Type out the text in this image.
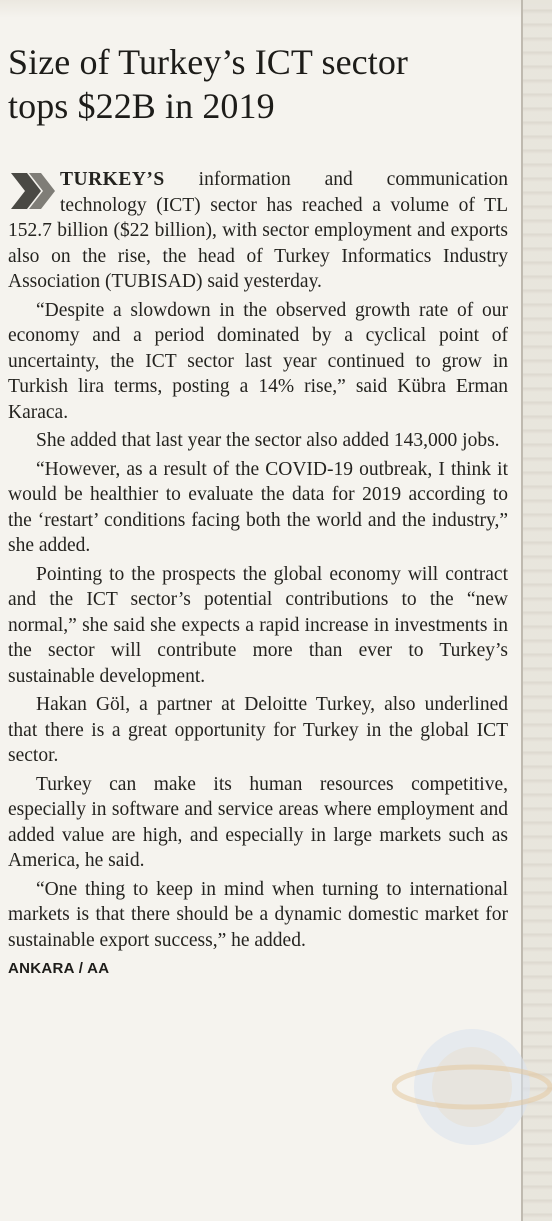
Size of Turkey’s ICT sector
tops $22B in 2019

TURKEY’S information and communication technology (ICT) sector has reached a volume of TL 152.7 billion ($22 billion), with sector employment and exports also on the rise, the head of Turkey Informatics Industry Association (TUBISAD) said yesterday.

“Despite a slowdown in the observed growth rate of our economy and a period dominated by a cyclical point of uncertainty, the ICT sector last year continued to grow in Turkish lira terms, posting a 14% rise,” said Kübra Erman Karaca.

She added that last year the sector also added 143,000 jobs.

“However, as a result of the COVID-19 outbreak, I think it would be healthier to evaluate the data for 2019 according to the ‘restart’ conditions facing both the world and the industry,” she added.

Pointing to the prospects the global economy will contract and the ICT sector’s potential contributions to the “new normal,” she said she expects a rapid increase in investments in the sector will contribute more than ever to Turkey’s sustainable development.

Hakan Göl, a partner at Deloitte Turkey, also underlined that there is a great opportunity for Turkey in the global ICT sector.

Turkey can make its human resources competitive, especially in software and service areas where employment and added value are high, and especially in large markets such as America, he said.

“One thing to keep in mind when turning to international markets is that there should be a dynamic domestic market for sustainable export success,” he added.

ANKARA / AA
